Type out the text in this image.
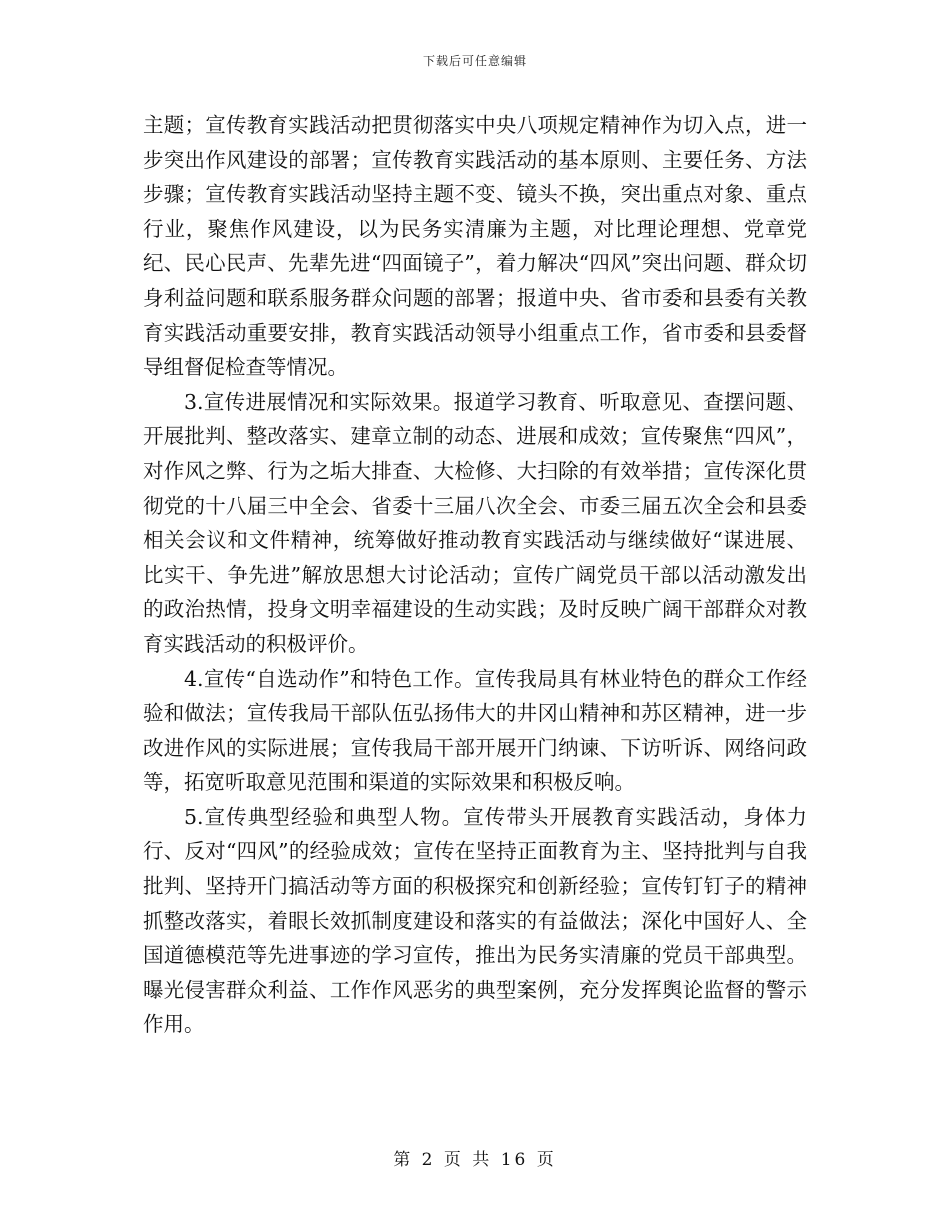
下载后可任意编辑

主题；宣传教育实践活动把贯彻落实中央八项规定精神作为切入点，进一步突出作风建设的部署；宣传教育实践活动的基本原则、主要任务、方法步骤；宣传教育实践活动坚持主题不变、镜头不换，突出重点对象、重点行业，聚焦作风建设，以为民务实清廉为主题，对比理论理想、党章党纪、民心民声、先辈先进“四面镜子”，着力解决“四风”突出问题、群众切身利益问题和联系服务群众问题的部署；报道中央、省市委和县委有关教育实践活动重要安排，教育实践活动领导小组重点工作，省市委和县委督导组督促检查等情况。

3.宣传进展情况和实际效果。报道学习教育、听取意见、查摆问题、开展批判、整改落实、建章立制的动态、进展和成效；宣传聚焦“四风”，对作风之弊、行为之垢大排查、大检修、大扫除的有效举措；宣传深化贯彻党的十八届三中全会、省委十三届八次全会、市委三届五次全会和县委相关会议和文件精神，统筹做好推动教育实践活动与继续做好“谋进展、比实干、争先进”解放思想大讨论活动；宣传广阔党员干部以活动激发出的政治热情，投身文明幸福建设的生动实践；及时反映广阔干部群众对教育实践活动的积极评价。

4.宣传“自选动作”和特色工作。宣传我局具有林业特色的群众工作经验和做法；宣传我局干部队伍弘扬伟大的井冈山精神和苏区精神，进一步改进作风的实际进展；宣传我局干部开展开门纳谏、下访听诉、网络问政等，拓宽听取意见范围和渠道的实际效果和积极反响。

5.宣传典型经验和典型人物。宣传带头开展教育实践活动，身体力行、反对“四风”的经验成效；宣传在坚持正面教育为主、坚持批判与自我批判、坚持开门搞活动等方面的积极探究和创新经验；宣传钉钉子的精神抓整改落实，着眼长效抓制度建设和落实的有益做法；深化中国好人、全国道德模范等先进事迹的学习宣传，推出为民务实清廉的党员干部典型。曝光侵害群众利益、工作作风恶劣的典型案例，充分发挥舆论监督的警示作用。

第 2 页 共 16 页
